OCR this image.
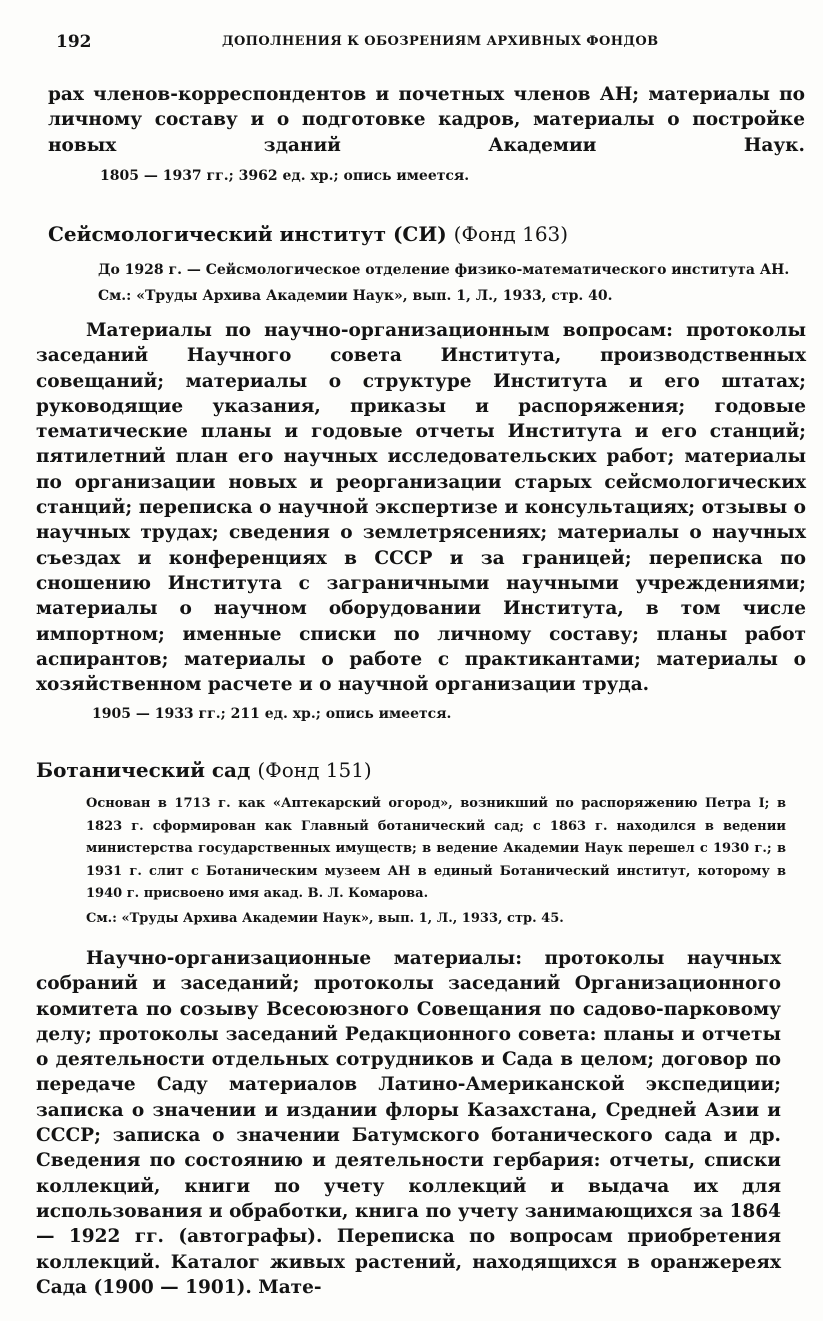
192	ДОПОЛНЕНИЯ К ОБОЗРЕНИЯМ АРХИВНЫХ ФОНДОВ
рах членов-корреспондентов и почетных членов АН; материалы по личному составу и о подготовке кадров, материалы о постройке новых зданий Академии Наук.
1805 — 1937 гг.; 3962 ед. хр.; опись имеется.
Сейсмологический институт (СИ) (Фонд 163)
До 1928 г. — Сейсмологическое отделение физико-математического института АН.
См.: «Труды Архива Академии Наук», вып. 1, Л., 1933, стр. 40.
Материалы по научно-организационным вопросам: протоколы заседаний Научного совета Института, производственных совещаний; материалы о структуре Института и его штатах; руководящие указания, приказы и распоряжения; годовые тематические планы и годовые отчеты Института и его станций; пятилетний план его научных исследовательских работ; материалы по организации новых и реорганизации старых сейсмологических станций; переписка о научной экспертизе и консультациях; отзывы о научных трудах; сведения о землетрясениях; материалы о научных съездах и конференциях в СССР и за границей; переписка по сношению Института с заграничными научными учреждениями; материалы о научном оборудовании Института, в том числе импортном; именные списки по личному составу; планы работ аспирантов; материалы о работе с практикантами; материалы о хозяйственном расчете и о научной организации труда.
1905 — 1933 гг.; 211 ед. хр.; опись имеется.
Ботанический сад (Фонд 151)
Основан в 1713 г. как «Аптекарский огород», возникший по распоряжению Петра I; в 1823 г. сформирован как Главный ботанический сад; с 1863 г. находился в ведении министерства государственных имуществ; в ведение Академии Наук перешел с 1930 г.; в 1931 г. слит с Ботаническим музеем АН в единый Ботанический институт, которому в 1940 г. присвоено имя акад. В. Л. Комарова.
См.: «Труды Архива Академии Наук», вып. 1, Л., 1933, стр. 45.
Научно-организационные материалы: протоколы научных собраний и заседаний; протоколы заседаний Организационного комитета по созыву Всесоюзного Совещания по садово-парковому делу; протоколы заседаний Редакционного совета: планы и отчеты о деятельности отдельных сотрудников и Сада в целом; договор по передаче Саду материалов Латино-Американской экспедиции; записка о значении и издании флоры Казахстана, Средней Азии и СССР; записка о значении Батумского ботанического сада и др. Сведения по состоянию и деятельности гербария: отчеты, списки коллекций, книги по учету коллекций и выдача их для использования и обработки, книга по учету занимающихся за 1864 — 1922 гг. (автографы). Переписка по вопросам приобретения коллекций. Каталог живых растений, находящихся в оранжереях Сада (1900 — 1901). Мате-
